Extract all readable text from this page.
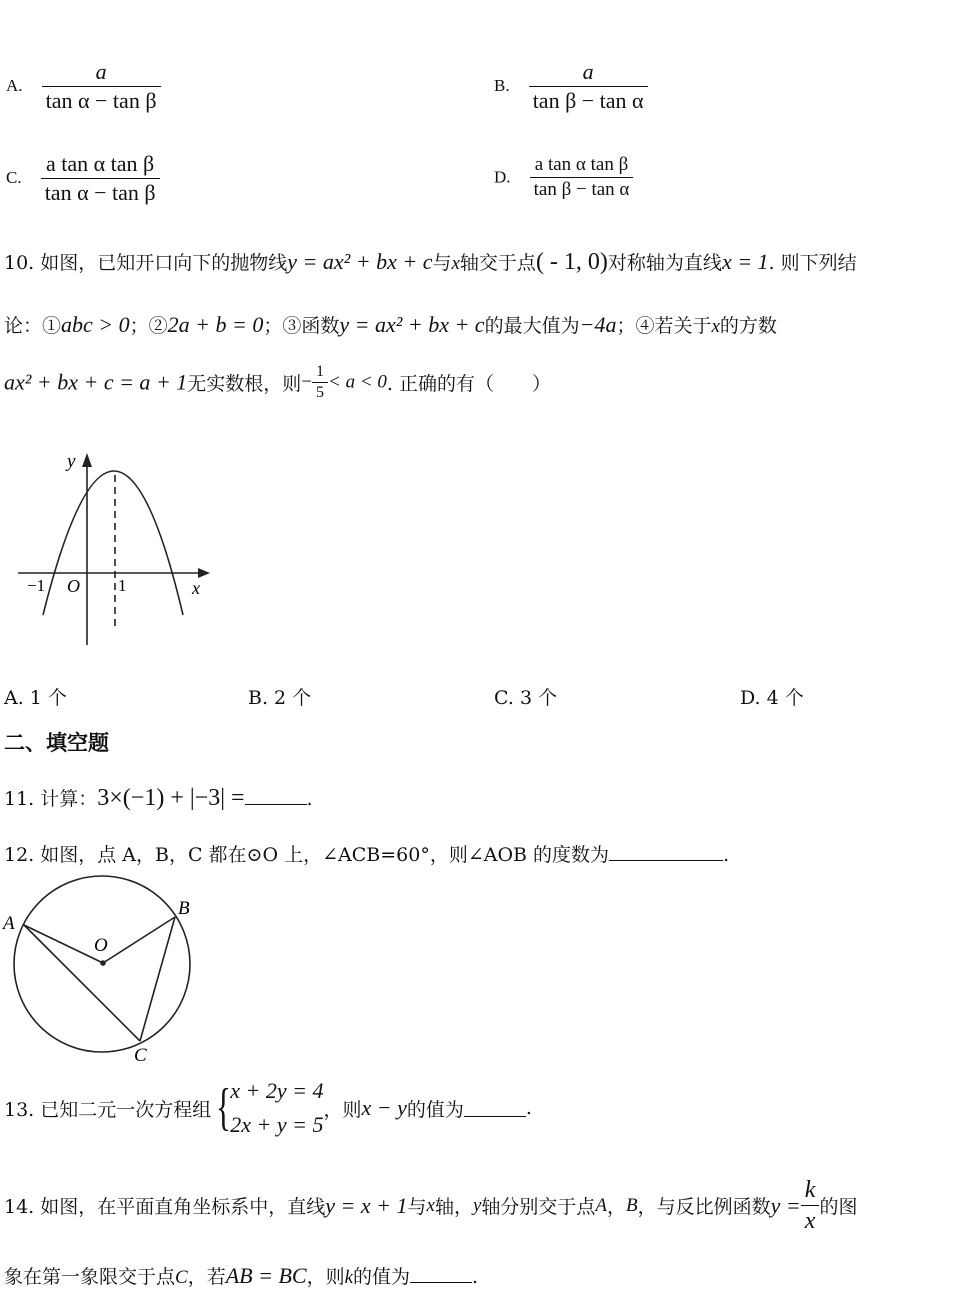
A. $\frac{a}{\text{tan α − tan β}}$	B. $\frac{a}{\text{tan β − tan α}}$
C. $\frac{\text{a tan α tan β}}{\text{tan α − tan β}}$	D. $\frac{\text{a tan α tan β}}{\text{tan β − tan α}}$
10. 如图，已知开口向下的抛物线y = ax² + bx + c与x轴交于点( - 1, 0)对称轴为直线x = 1. 则下列结
论：①abc > 0；②2a + b = 0；③函数y = ax² + bx + c的最大值为−4a；④若关于x的方数
ax² + bx + c = a + 1无实数根，则− $\frac{1}{5} < a < 0$. 正确的有（　　）
y
x
O
−1	1
A. 1 个	B. 2 个	C. 3 个	D. 4 个
二、填空题
11. 计算：3×(−1) + |−3| =	.
12. 如图，点 A，B，C 都在⊙O 上，∠ACB=60°，则∠AOB 的度数为	.
A
B
C
O
13. 已知二元一次方程组 {
x + 2y = 4
2x + y = 5
，则 x − y 的值为	.
14. 如图，在平面直角坐标系中，直线 y = x + 1 与 x 轴， y 轴分别交于点 A ， B ，与反比例函数 $y = \frac{k}{x}$ 的图
象在第一象限交于点C，若AB = BC，则k的值为	.
